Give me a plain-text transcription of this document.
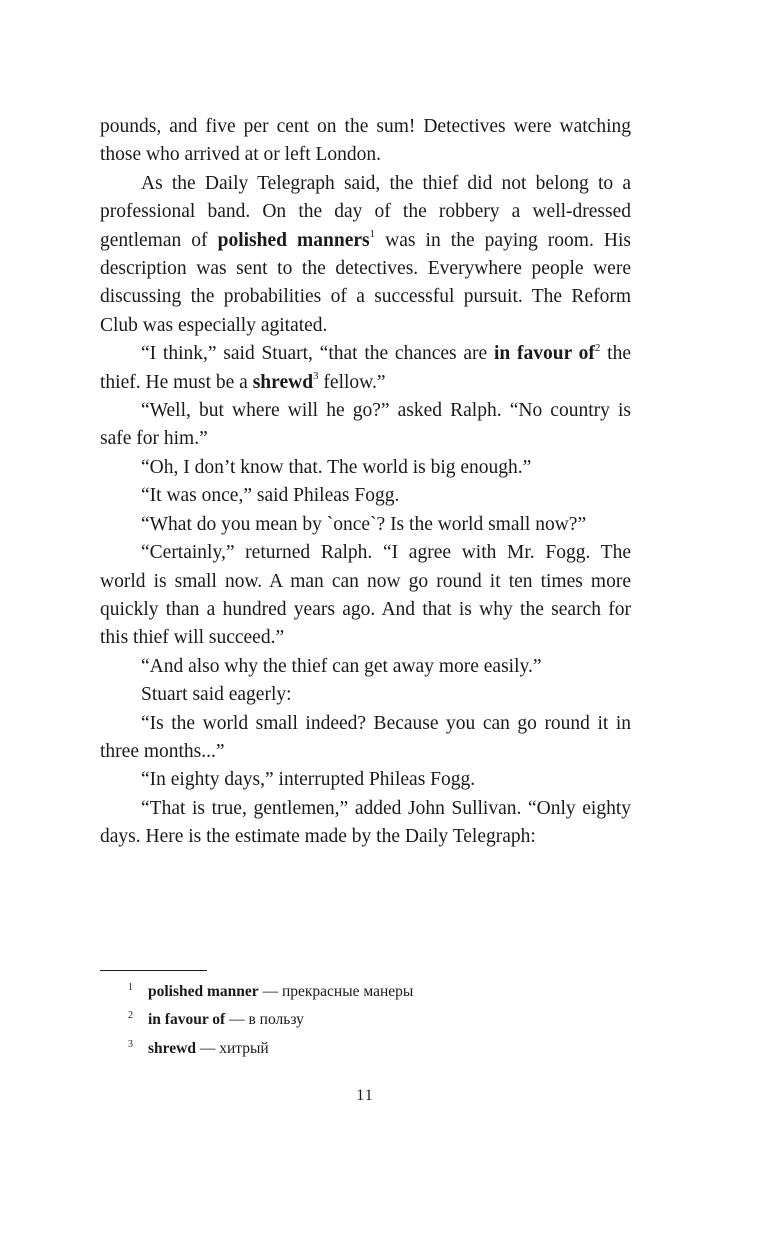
pounds, and five per cent on the sum! Detectives were watching those who arrived at or left London.

As the Daily Telegraph said, the thief did not belong to a professional band. On the day of the robbery a well-dressed gentleman of polished manners$^1$ was in the paying room. His description was sent to the detectives. Everywhere people were discussing the probabilities of a successful pursuit. The Reform Club was especially agitated.

“I think,” said Stuart, “that the chances are in favour $of^2$ the thief. He must be a shrewd$^3$ fellow.”

“Well, but where will he go?” asked Ralph. “No country is safe for him.”

“Oh, I don’t know that. The world is big enough.”

“It was once,” said Phileas Fogg.

“What do you mean by `once`? Is the world small now?”

“Certainly,” returned Ralph. “I agree with Mr. Fogg. The world is small now. A man can now go round it ten times more quickly than a hundred years ago. And that is why the search for this thief will succeed.”

“And also why the thief can get away more easily.”

Stuart said eagerly:

“Is the world small indeed? Because you can go round it in three months...”

“In eighty days,” interrupted Phileas Fogg.

“That is true, gentlemen,” added John Sullivan. “Only eighty days. Here is the estimate made by the Daily Telegraph:

1 polished manner — прекрасные манеры
2 in favour of — в пользу
3 shrewd — хитрый
11
